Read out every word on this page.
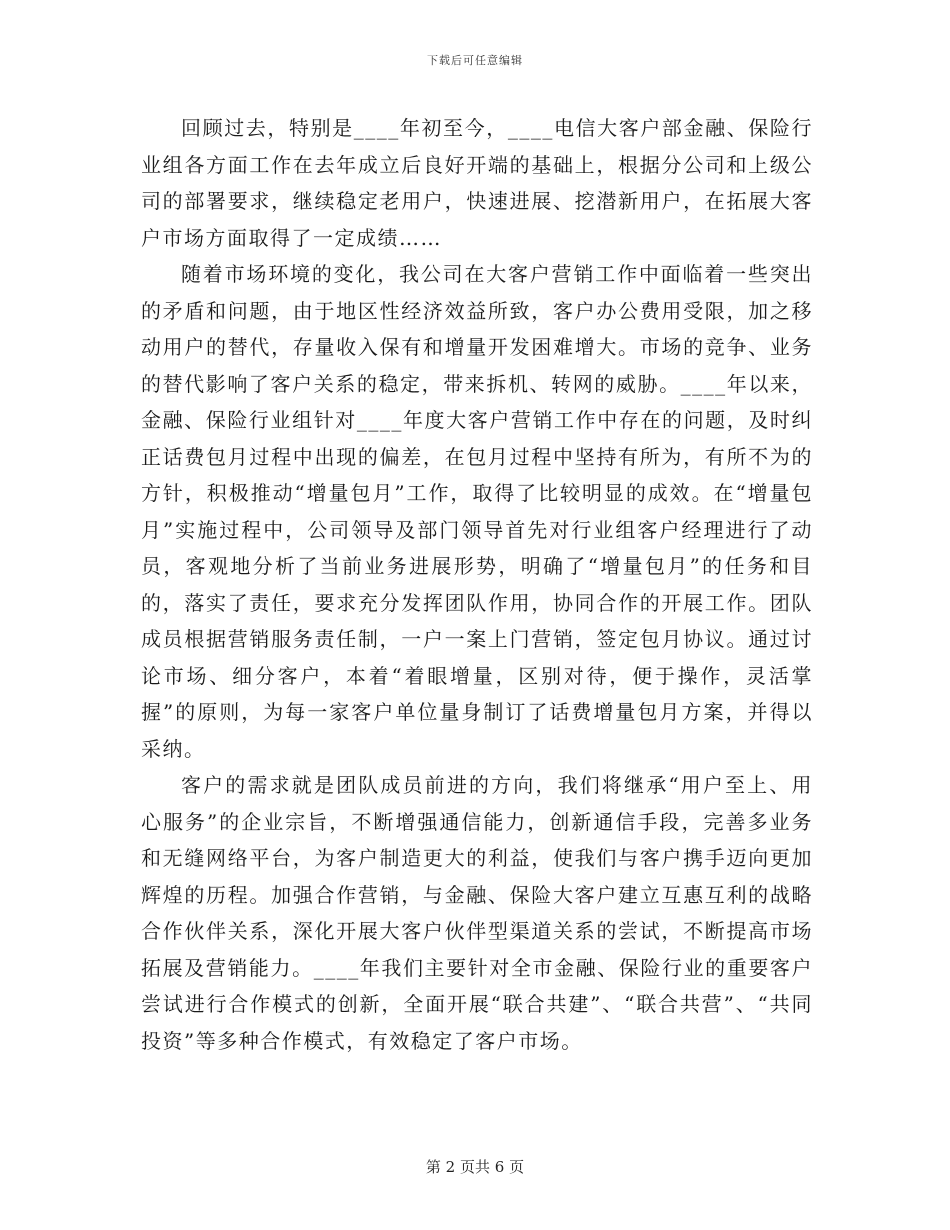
下载后可任意编辑

回顾过去，特别是____年初至今，____电信大客户部金融、保险行业组各方面工作在去年成立后良好开端的基础上，根据分公司和上级公司的部署要求，继续稳定老用户，快速进展、挖潜新用户，在拓展大客户市场方面取得了一定成绩……

随着市场环境的变化，我公司在大客户营销工作中面临着一些突出的矛盾和问题，由于地区性经济效益所致，客户办公费用受限，加之移动用户的替代，存量收入保有和增量开发困难增大。市场的竞争、业务的替代影响了客户关系的稳定，带来拆机、转网的威胁。____年以来，金融、保险行业组针对____年度大客户营销工作中存在的问题，及时纠正话费包月过程中出现的偏差，在包月过程中坚持有所为，有所不为的方针，积极推动“增量包月”工作，取得了比较明显的成效。在“增量包月”实施过程中，公司领导及部门领导首先对行业组客户经理进行了动员，客观地分析了当前业务进展形势，明确了“增量包月”的任务和目的，落实了责任，要求充分发挥团队作用，协同合作的开展工作。团队成员根据营销服务责任制，一户一案上门营销，签定包月协议。通过讨论市场、细分客户，本着“着眼增量，区别对待，便于操作，灵活掌握”的原则，为每一家客户单位量身制订了话费增量包月方案，并得以采纳。

客户的需求就是团队成员前进的方向，我们将继承“用户至上、用心服务”的企业宗旨，不断增强通信能力，创新通信手段，完善多业务和无缝网络平台，为客户制造更大的利益，使我们与客户携手迈向更加辉煌的历程。加强合作营销，与金融、保险大客户建立互惠互利的战略合作伙伴关系，深化开展大客户伙伴型渠道关系的尝试，不断提高市场拓展及营销能力。____年我们主要针对全市金融、保险行业的重要客户尝试进行合作模式的创新，全面开展“联合共建”、“联合共营”、“共同投资”等多种合作模式，有效稳定了客户市场。

第 2 页共 6 页
